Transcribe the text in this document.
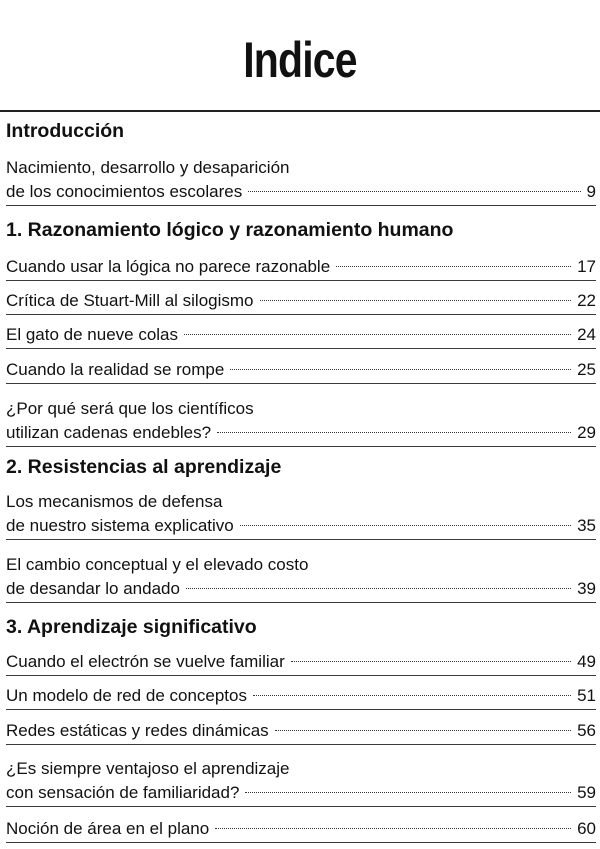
Indice
Introducción
Nacimiento, desarrollo y desaparición
de los conocimientos escolares	9
1. Razonamiento lógico y razonamiento humano
Cuando usar la lógica no parece razonable	17
Crítica de Stuart-Mill al silogismo	22
El gato de nueve colas	24
Cuando la realidad se rompe	25
¿Por qué será que los científicos
utilizan cadenas endebles?	29
2. Resistencias al aprendizaje
Los mecanismos de defensa
de nuestro sistema explicativo	35
El cambio conceptual y el elevado costo
de desandar lo andado	39
3. Aprendizaje significativo
Cuando el electrón se vuelve familiar	49
Un modelo de red de conceptos	51
Redes estáticas y redes dinámicas	56
¿Es siempre ventajoso el aprendizaje
con sensación de familiaridad?	59
Noción de área en el plano	60
